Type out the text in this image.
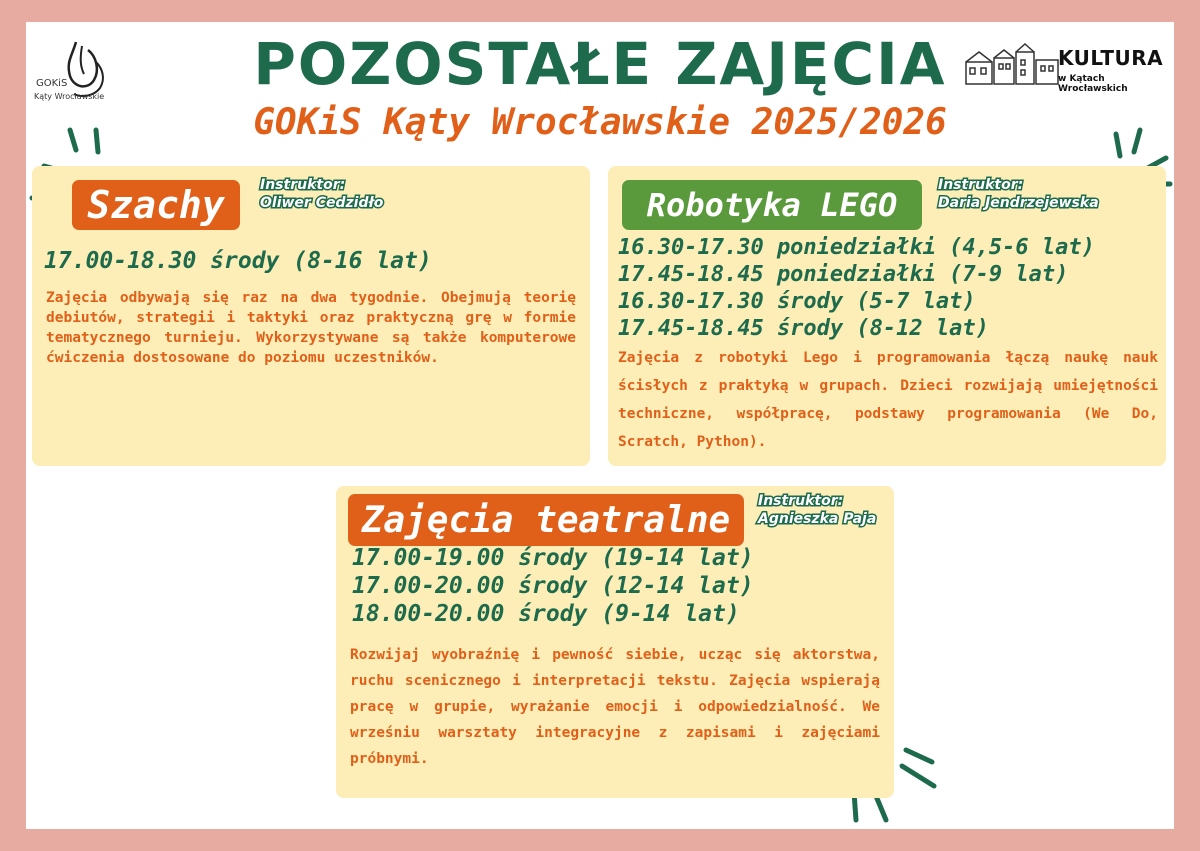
GOKiS
Kąty Wrocławskie
KULTURA
w Kątach Wrocławskich
POZOSTAŁE ZAJĘCIA
GOKiS Kąty Wrocławskie 2025/2026
Szachy	Instruktor:
Oliwer Cedzidło
17.00-18.30 środy (8-16 lat)
Zajęcia odbywają się raz na dwa tygodnie. Obejmują teorię debiutów, strategii i taktyki oraz praktyczną grę w formie tematycznego turnieju. Wykorzystywane są także komputerowe ćwiczenia dostosowane do poziomu uczestników.
Robotyka LEGO
Instruktor:
Daria Jendrzejewska
16.30-17.30 poniedziałki (4,5-6 lat)
17.45-18.45 poniedziałki (7-9 lat)
16.30-17.30 środy (5-7 lat)
17.45-18.45 środy (8-12 lat)
Zajęcia z robotyki Lego i programowania łączą naukę nauk ścisłych z praktyką w grupach. Dzieci rozwijają umiejętności techniczne, współpracę, podstawy programowania (We Do, Scratch, Python).
Zajęcia teatralne	Instruktor:
Agnieszka Paja
17.00-19.00 środy (19-14 lat)
17.00-20.00 środy (12-14 lat)
18.00-20.00 środy (9-14 lat)
Rozwijaj wyobraźnię i pewność siebie, ucząc się aktorstwa, ruchu scenicznego i interpretacji tekstu. Zajęcia wspierają pracę w grupie, wyrażanie emocji i odpowiedzialność. We wrześniu warsztaty integracyjne z zapisami i zajęciami próbnymi.
